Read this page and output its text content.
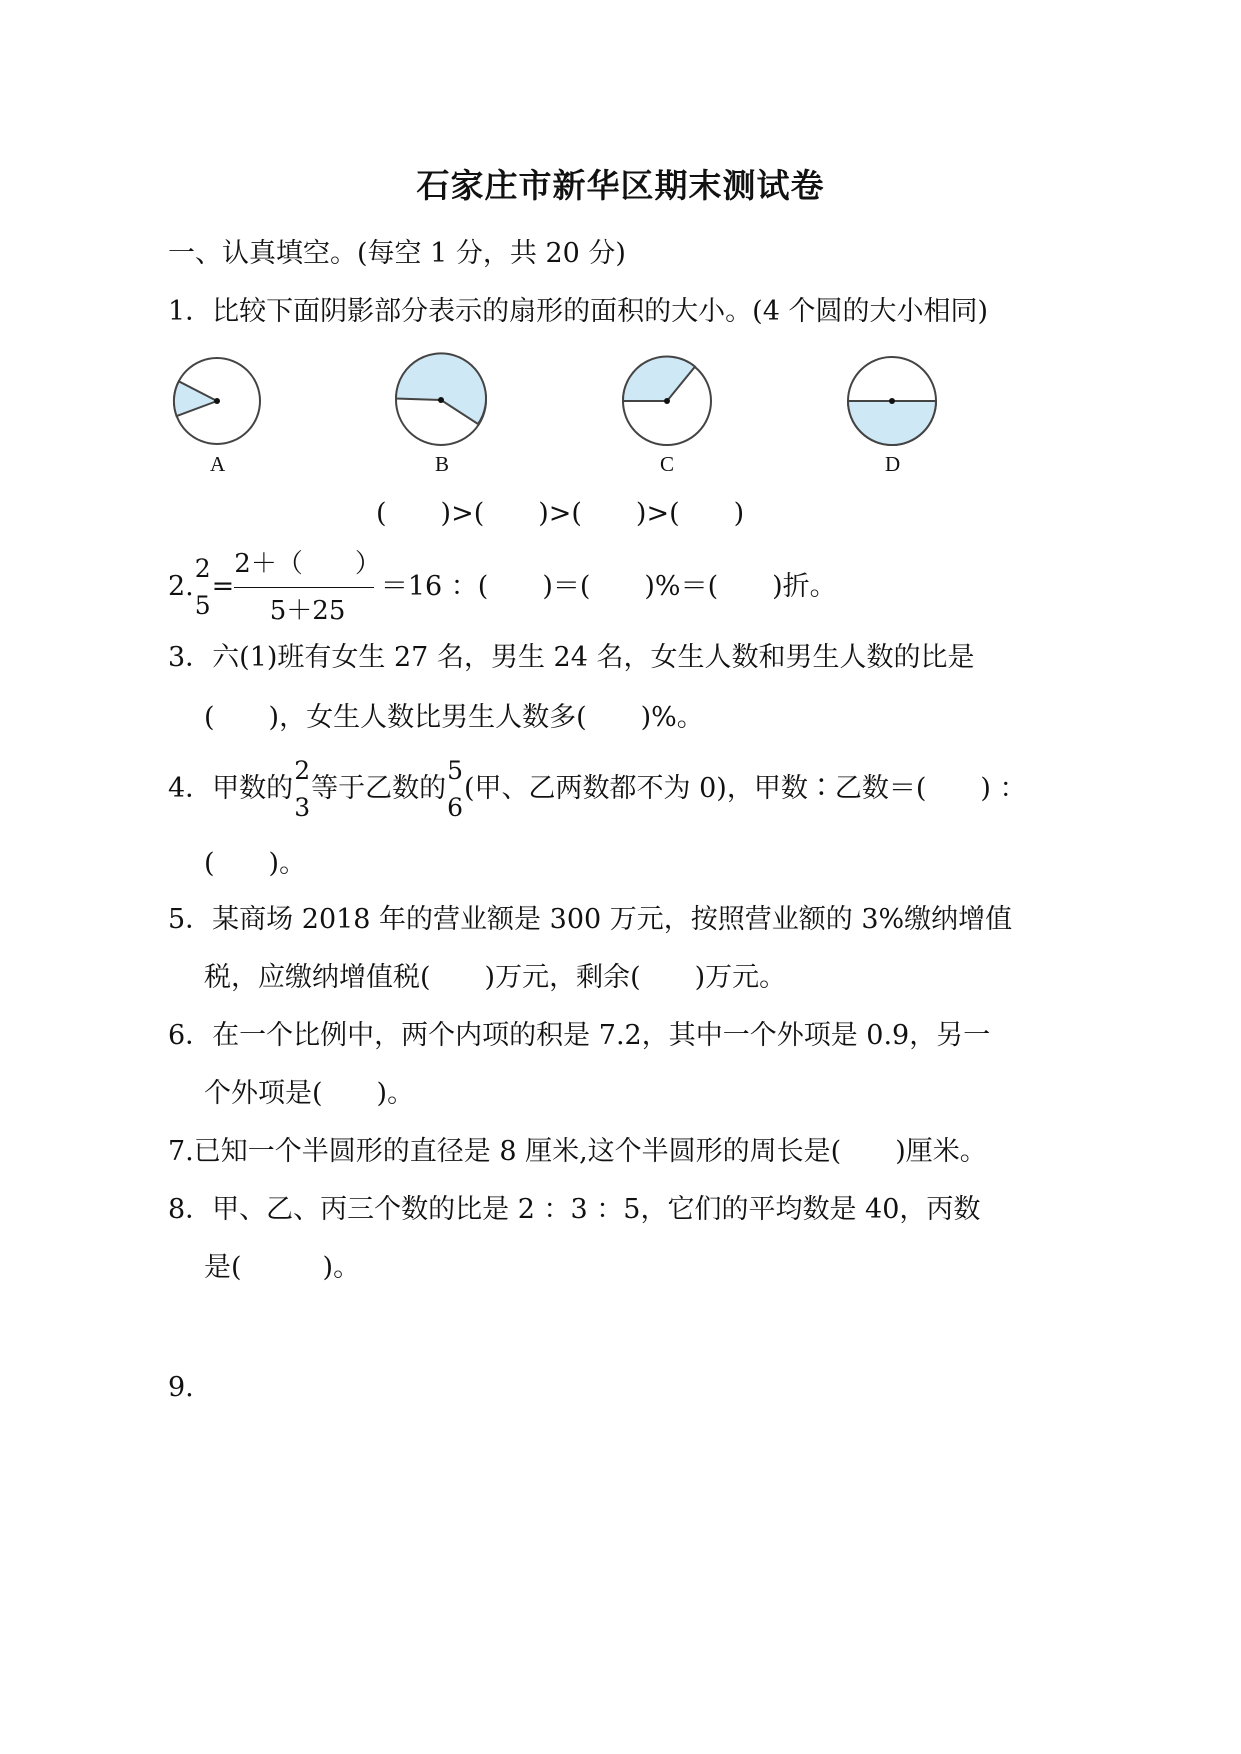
石家庄市新华区期末测试卷
一、认真填空。(每空 1 分，共 20 分)
1．比较下面阴影部分表示的扇形的面积的大小。(4 个圆的大小相同)
A	B	C	D
(　　)>(　　)>(　　)>(　　)
2.
2
5
=
2＋（　　）
5＋25
＝16 ：(　　)＝(　　)%＝(　　)折。
3．六(1)班有女生 27 名，男生 24 名，女生人数和男生人数的比是
(　　)，女生人数比男生人数多(　　)%。
4．甲数的
2
3
等于乙数的
5
6
(甲、乙两数都不为 0)，甲数∶乙数＝(　　) ：
(　　)。
5．某商场 2018 年的营业额是 300 万元，按照营业额的 3%缴纳增值
税，应缴纳增值税(　　)万元，剩余(　　)万元。
6．在一个比例中，两个内项的积是 7.2，其中一个外项是 0.9，另一
个外项是(　　)。
7.已知一个半圆形的直径是 8 厘米,这个半圆形的周长是(　　)厘米。
8．甲、乙、丙三个数的比是 2 ：3 ：5，它们的平均数是 40，丙数
是(　　　)。
9.
